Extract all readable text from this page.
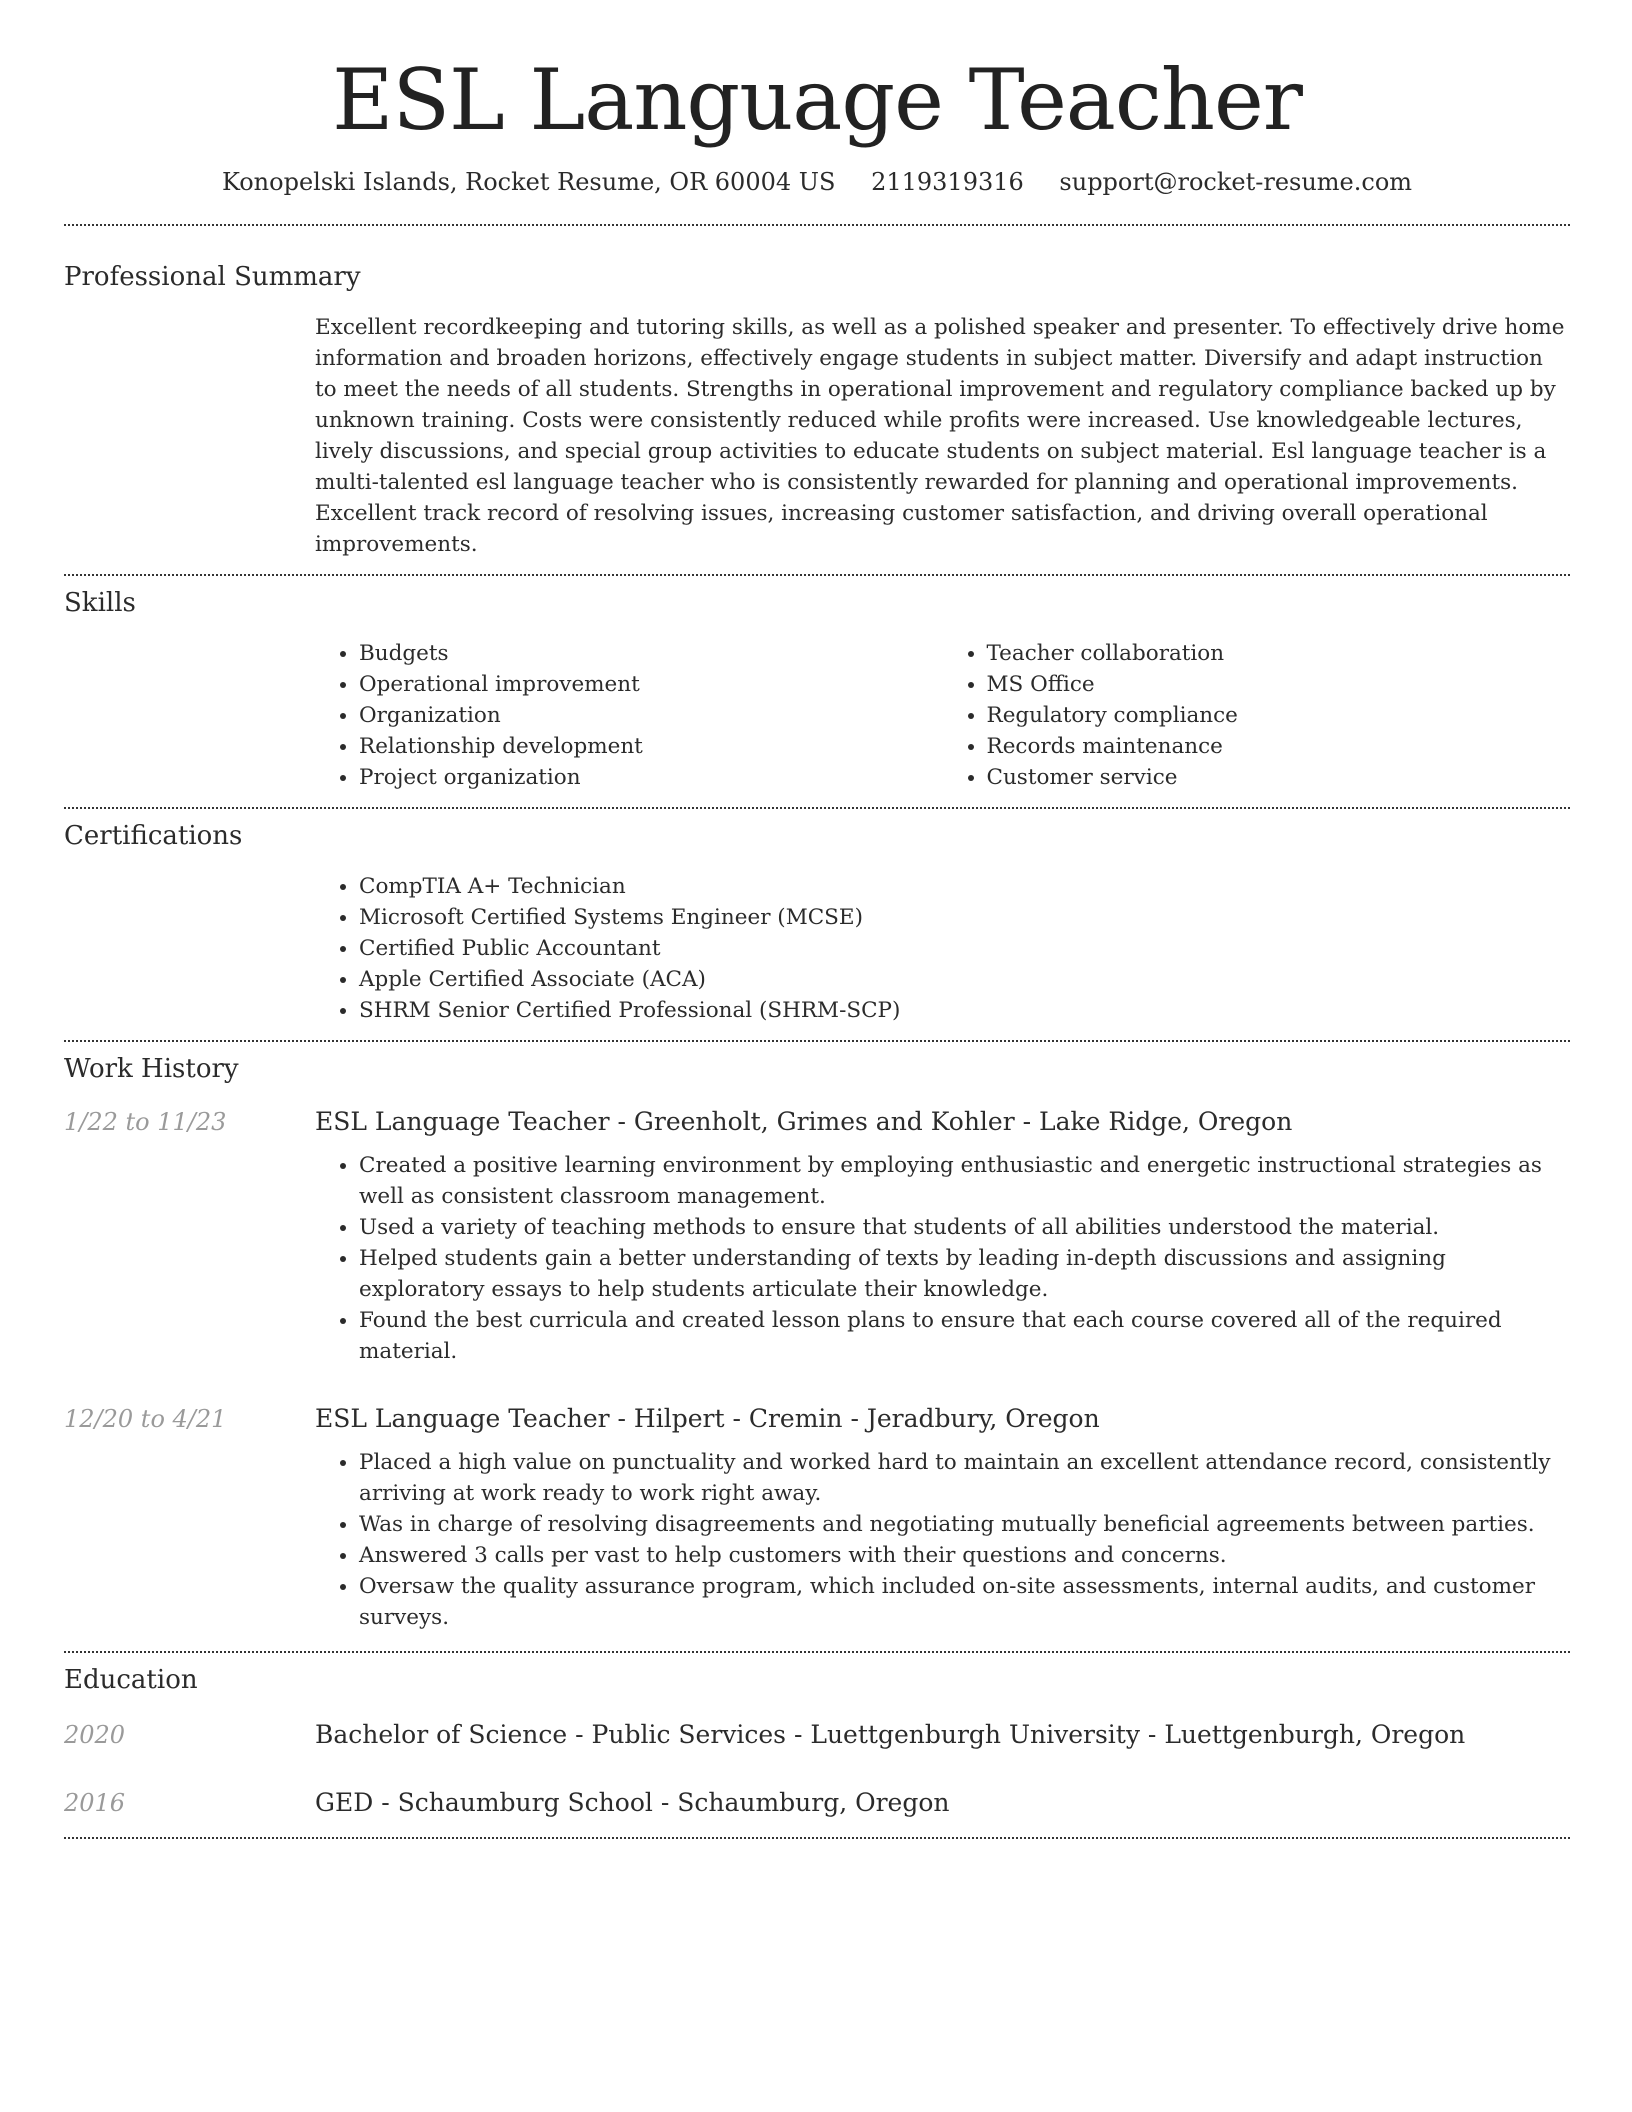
ESL Language Teacher
Konopelski Islands, Rocket Resume, OR 60004 US 2119319316 support@rocket-resume.com
Professional Summary

Excellent recordkeeping and tutoring skills, as well as a polished speaker and presenter. To effectively drive home information and broaden horizons, effectively engage students in subject matter. Diversify and adapt instruction to meet the needs of all students. Strengths in operational improvement and regulatory compliance backed up by unknown training. Costs were consistently reduced while profits were increased. Use knowledgeable lectures, lively discussions, and special group activities to educate students on subject material. Esl language teacher is a multi-talented esl language teacher who is consistently rewarded for planning and operational improvements. Excellent track record of resolving issues, increasing customer satisfaction, and driving overall operational improvements.

Skills
• Budgets
• Operational improvement
• Organization
• Relationship development
• Project organization
• Teacher collaboration
• MS Office
• Regulatory compliance
• Records maintenance
• Customer service
Certifications
• CompTIA A+ Technician
• Microsoft Certified Systems Engineer (MCSE)
• Certified Public Accountant
• Apple Certified Associate (ACA)
• SHRM Senior Certified Professional (SHRM-SCP)
Work History
1/22 to 11/23	ESL Language Teacher - Greenholt, Grimes and Kohler - Lake Ridge, Oregon
• Created a positive learning environment by employing enthusiastic and energetic instructional strategies as well as consistent classroom management.
• Used a variety of teaching methods to ensure that students of all abilities understood the material.
• Helped students gain a better understanding of texts by leading in-depth discussions and assigning exploratory essays to help students articulate their knowledge.
• Found the best curricula and created lesson plans to ensure that each course covered all of the required material.
12/20 to 4/21	ESL Language Teacher - Hilpert - Cremin - Jeradbury, Oregon
• Placed a high value on punctuality and worked hard to maintain an excellent attendance record, consistently arriving at work ready to work right away.
• Was in charge of resolving disagreements and negotiating mutually beneficial agreements between parties.
• Answered 3 calls per vast to help customers with their questions and concerns.
• Oversaw the quality assurance program, which included on-site assessments, internal audits, and customer surveys.
Education
2020	Bachelor of Science - Public Services - Luettgenburgh University - Luettgenburgh, Oregon
2016	GED - Schaumburg School - Schaumburg, Oregon
